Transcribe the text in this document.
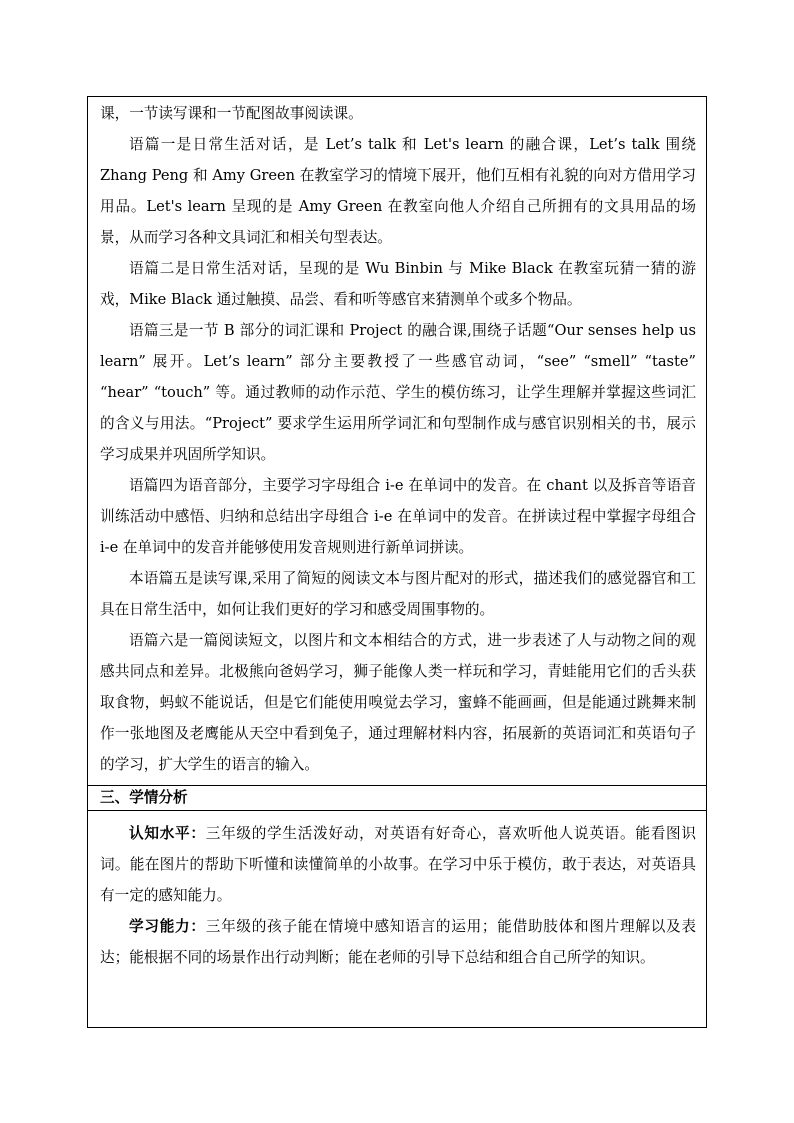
课，一节读写课和一节配图故事阅读课。

语篇一是日常生活对话，是 Let’s talk 和 Let's learn 的融合课，Let’s talk 围绕 Zhang Peng 和 Amy Green 在教室学习的情境下展开，他们互相有礼貌的向对方借用学习用品。Let's learn 呈现的是 Amy Green 在教室向他人介绍自己所拥有的文具用品的场景，从而学习各种文具词汇和相关句型表达。

语篇二是日常生活对话，呈现的是 Wu Binbin 与 Mike Black 在教室玩猜一猜的游戏，Mike Black 通过触摸、品尝、看和听等感官来猜测单个或多个物品。

语篇三是一节 B 部分的词汇课和 Project 的融合课,围绕子话题“Our senses help us learn” 展开。Let’s learn” 部分主要教授了一些感官动词，“see” “smell” “taste” “hear” “touch” 等。通过教师的动作示范、学生的模仿练习，让学生理解并掌握这些词汇的含义与用法。“Project” 要求学生运用所学词汇和句型制作成与感官识别相关的书，展示学习成果并巩固所学知识。

语篇四为语音部分，主要学习字母组合 i-e 在单词中的发音。在 chant 以及拆音等语音训练活动中感悟、归纳和总结出字母组合 i-e 在单词中的发音。在拼读过程中掌握字母组合 i-e 在单词中的发音并能够使用发音规则进行新单词拼读。

本语篇五是读写课,采用了简短的阅读文本与图片配对的形式，描述我们的感觉器官和工具在日常生活中，如何让我们更好的学习和感受周围事物的。

语篇六是一篇阅读短文，以图片和文本相结合的方式，进一步表述了人与动物之间的观感共同点和差异。北极熊向爸妈学习，狮子能像人类一样玩和学习，青蛙能用它们的舌头获取食物，蚂蚁不能说话，但是它们能使用嗅觉去学习，蜜蜂不能画画，但是能通过跳舞来制作一张地图及老鹰能从天空中看到兔子，通过理解材料内容，拓展新的英语词汇和英语句子的学习，扩大学生的语言的输入。

三、学情分析

认知水平：三年级的学生活泼好动，对英语有好奇心，喜欢听他人说英语。能看图识词。能在图片的帮助下听懂和读懂简单的小故事。在学习中乐于模仿，敢于表达，对英语具有一定的感知能力。

学习能力：三年级的孩子能在情境中感知语言的运用；能借助肢体和图片理解以及表达；能根据不同的场景作出行动判断；能在老师的引导下总结和组合自己所学的知识。
